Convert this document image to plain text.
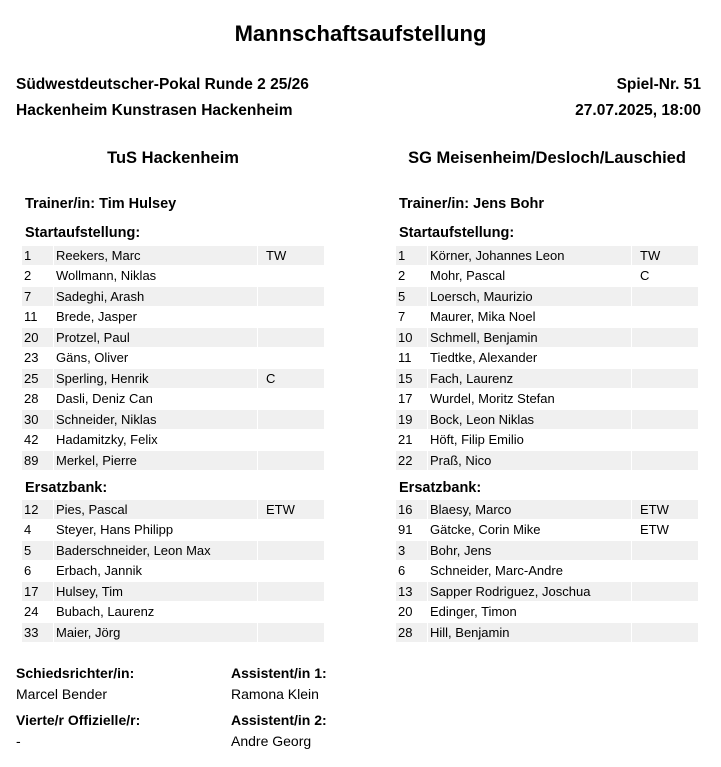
Mannschaftsaufstellung
Südwestdeutscher-Pokal Runde 2 25/26
Hackenheim Kunstrasen Hackenheim
Spiel-Nr. 51
27.07.2025, 18:00
TuS Hackenheim	SG Meisenheim/Desloch/Lauschied
Trainer/in: Tim Hulsey	Trainer/in: Jens Bohr
Startaufstellung:	Startaufstellung:
1	Reekers, Marc	TW
2	Wollmann, Niklas
7	Sadeghi, Arash
11	Brede, Jasper
20	Protzel, Paul
23	Gäns, Oliver
25	Sperling, Henrik	C
28	Dasli, Deniz Can
30	Schneider, Niklas
42	Hadamitzky, Felix
89	Merkel, Pierre
1	Körner, Johannes Leon	TW
2	Mohr, Pascal	C
5	Loersch, Maurizio
7	Maurer, Mika Noel
10	Schmell, Benjamin
11	Tiedtke, Alexander
15	Fach, Laurenz
17	Wurdel, Moritz Stefan
19	Bock, Leon Niklas
21	Höft, Filip Emilio
22	Praß, Nico
Ersatzbank:	Ersatzbank:
12	Pies, Pascal	ETW
4	Steyer, Hans Philipp
5	Baderschneider, Leon Max
6	Erbach, Jannik
17	Hulsey, Tim
24	Bubach, Laurenz
33	Maier, Jörg
16	Blaesy, Marco	ETW
91	Gätcke, Corin Mike	ETW
3	Bohr, Jens
6	Schneider, Marc-Andre
13	Sapper Rodriguez, Joschua
20	Edinger, Timon
28	Hill, Benjamin
Schiedsrichter/in:
Marcel Bender
Assistent/in 1:
Ramona Klein
Vierte/r Offizielle/r:
-
Assistent/in 2:
Andre Georg
